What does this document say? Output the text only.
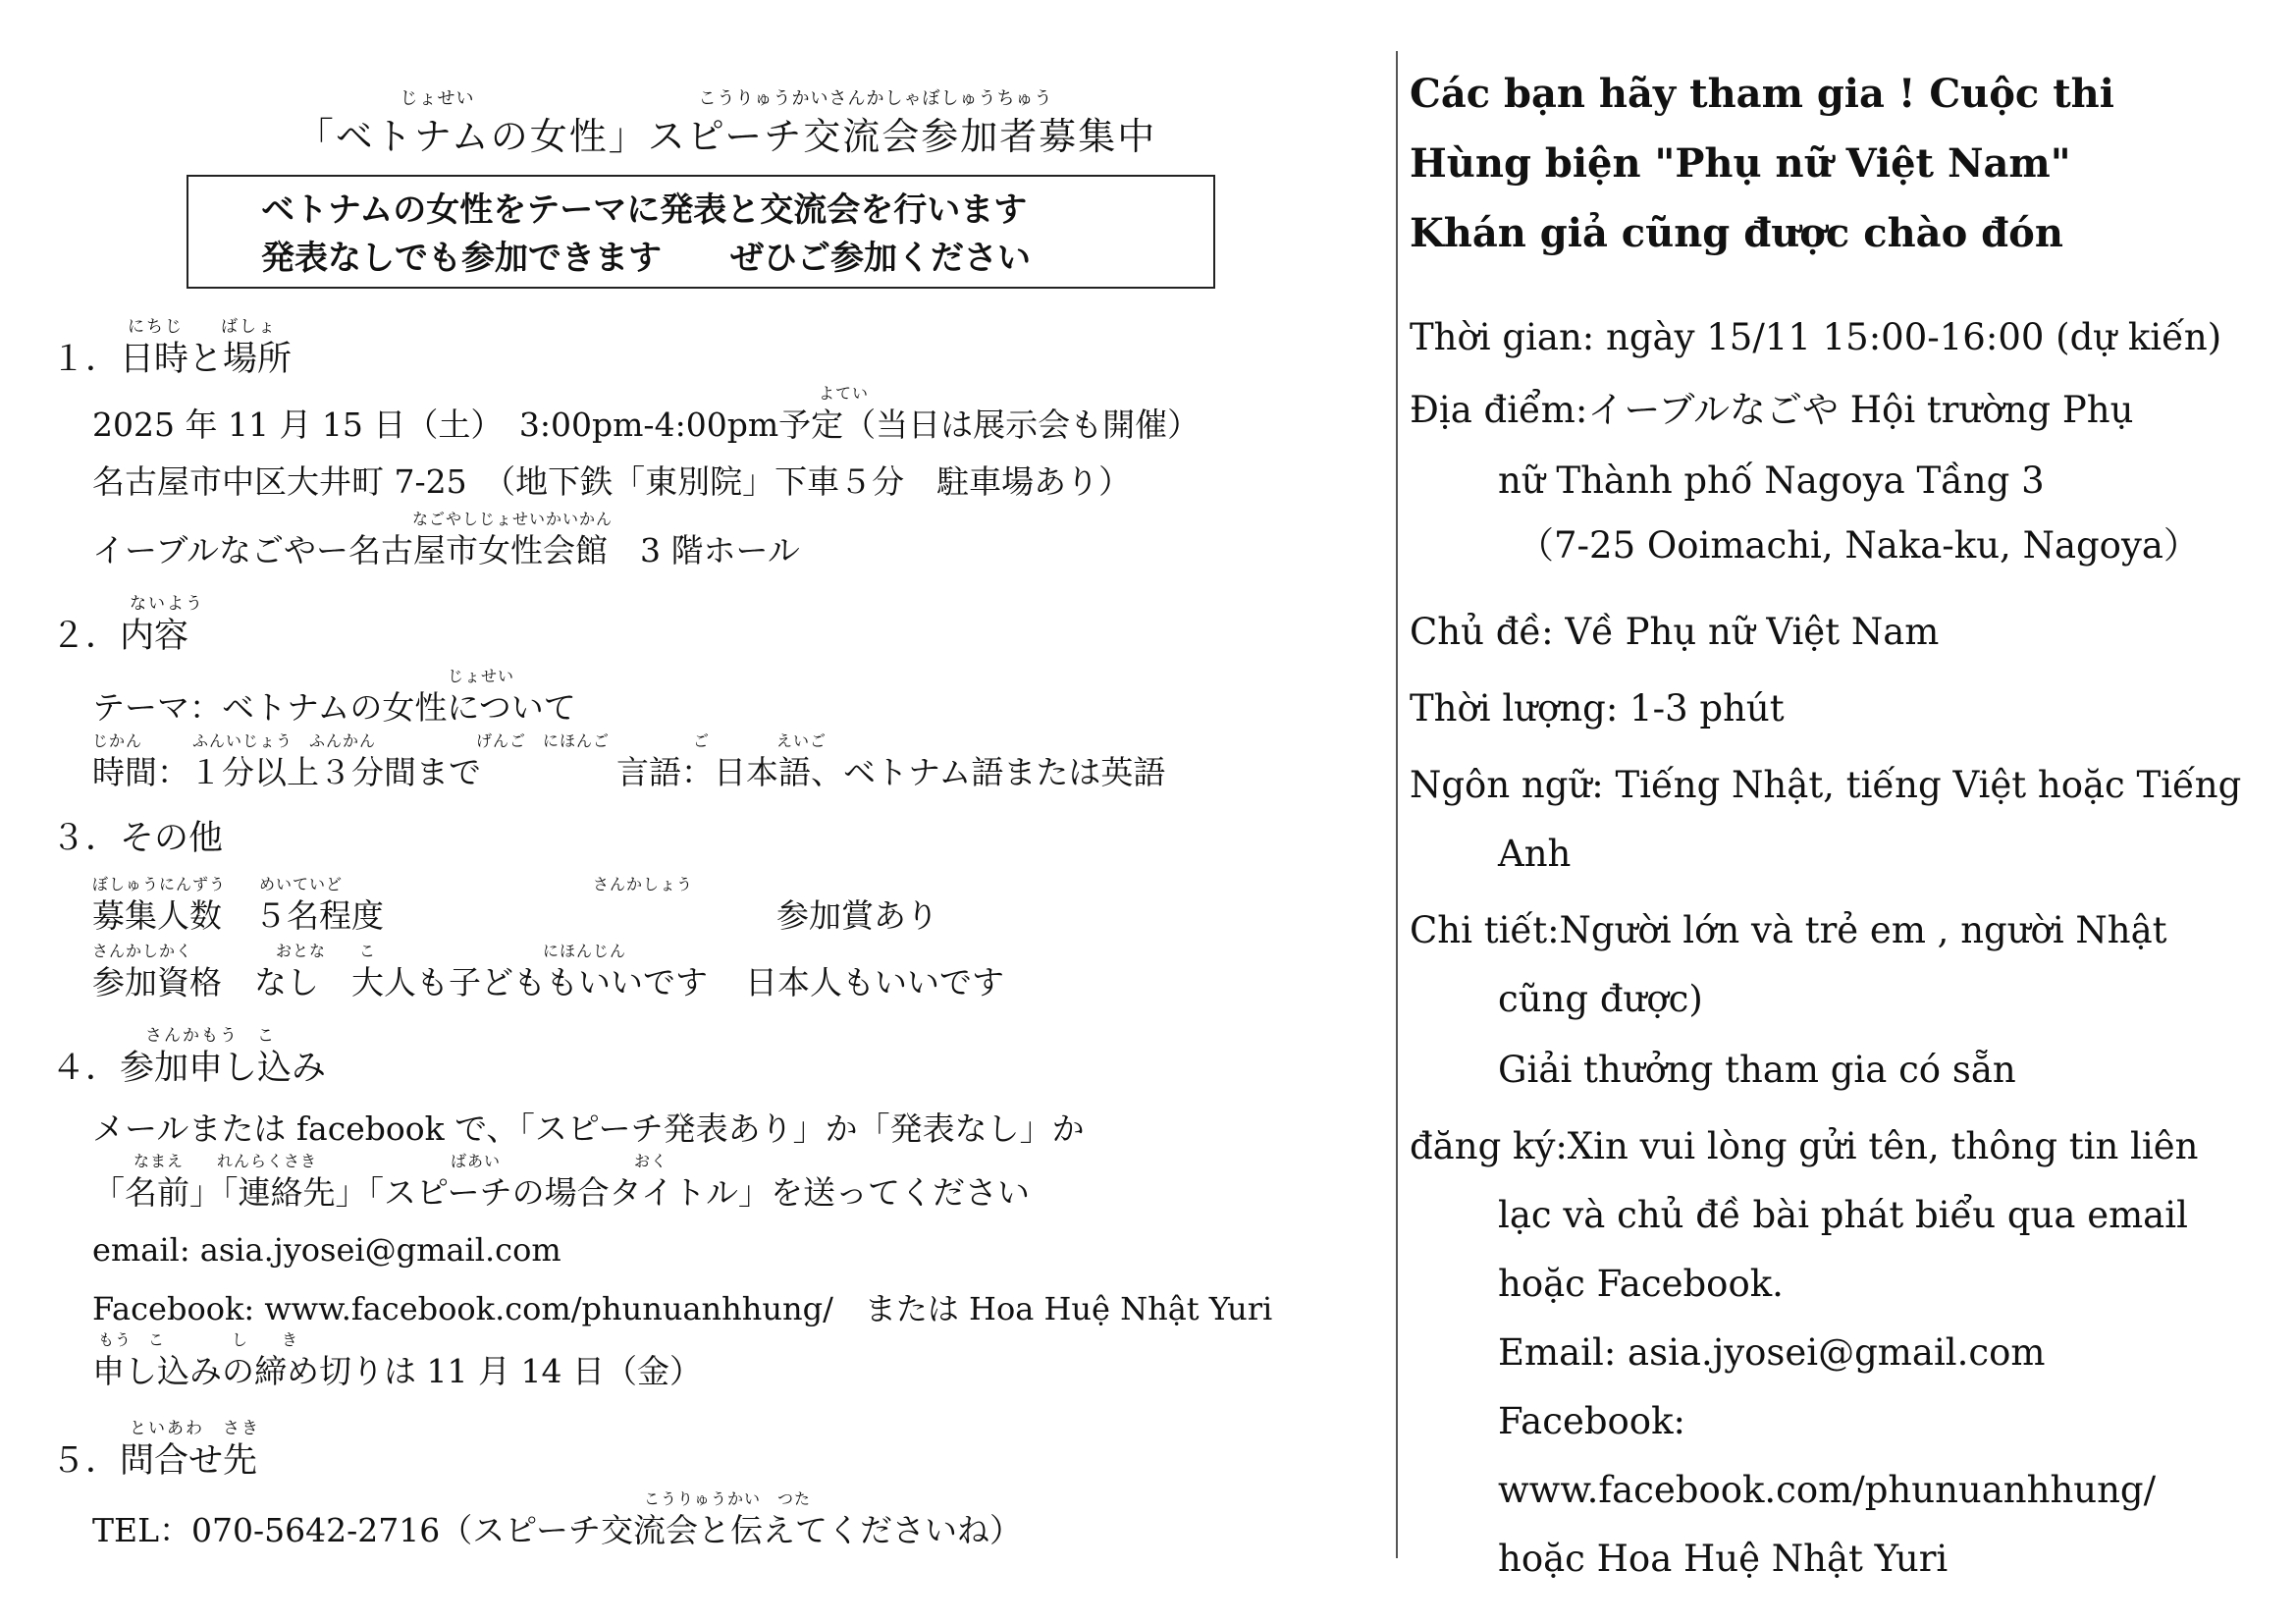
じょせい　　　　　　　　　　　　こうりゅうかいさんかしゃぼしゅうちゅう
「ベトナムの女性」スピーチ交流会参加者募集中
ベトナムの女性をテーマに発表と交流会を行います
発表なしでも参加できます ぜひご参加ください
にちじ　　ばしょ
１．日時と場所
よてい
2025 年 11 月 15 日（土）　3:00pm-4:00pm予定（当日は展示会も開催）
名古屋市中区大井町 7-25　（地下鉄「東別院」下車５分　駐車場あり）
なごやしじょせいかいかん
イーブルなごやー名古屋市女性会館　3 階ホール
ないよう
２．内容
じょせい
テーマ：ベトナムの女性について
じかん　　　ふんいじょう　ふんかん　　　　　　げんご　にほんご　　　　　ご　　　　えいご
時間：１分以上３分間まで	言語：日本語、ベトナム語または英語
３．その他
ぼしゅうにんずう　　めいていど　　　　　　　　　　　　　　　さんかしょう
募集人数　５名程度	参加賞あり
さんかしかく　　　　　おとな　　こ　　　　　　　　　　にほんじん
参加資格　なし　大人も子どももいいです 日本人もいいです
さんかもう　こ
４．参加申し込み
メールまたは facebook で、「スピーチ発表あり」か「発表なし」か
なまえ　　れんらくさき　　　　　　　　ばあい　　　　　　　　おく
「名前」「連絡先」「スピーチの場合タイトル」を送ってください
email: asia.jyosei@gmail.com
Facebook: www.facebook.com/phunuanhhung/　または Hoa Huệ Nhật Yuri
もう　こ　　　　し　　き
申し込みの締め切りは 11 月 14 日（金）
といあわ　さき
５．問合せ先
こうりゅうかい　つた
TEL：070-5642-2716（スピーチ交流会と伝えてくださいね）
Các bạn hãy tham gia ! Cuộc thi
Hùng biện "Phụ nữ Việt Nam"
Khán giả cũng được chào đón
Thời gian: ngày 15/11 15:00-16:00 (dự kiến)
Địa điểm:イーブルなごや Hội trường Phụ
nữ Thành phố Nagoya Tầng 3
（7-25 Ooimachi, Naka-ku, Nagoya）
Chủ đề: Về Phụ nữ Việt Nam
Thời lượng: 1-3 phút
Ngôn ngữ: Tiếng Nhật, tiếng Việt hoặc Tiếng
Anh
Chi tiết:Người lớn và trẻ em , người Nhật
cũng được)
Giải thưởng tham gia có sẵn
đăng ký:Xin vui lòng gửi tên, thông tin liên
lạc và chủ đề bài phát biểu qua email
hoặc Facebook.
Email: asia.jyosei@gmail.com
Facebook:
www.facebook.com/phunuanhhung/
hoặc Hoa Huệ Nhật Yuri
